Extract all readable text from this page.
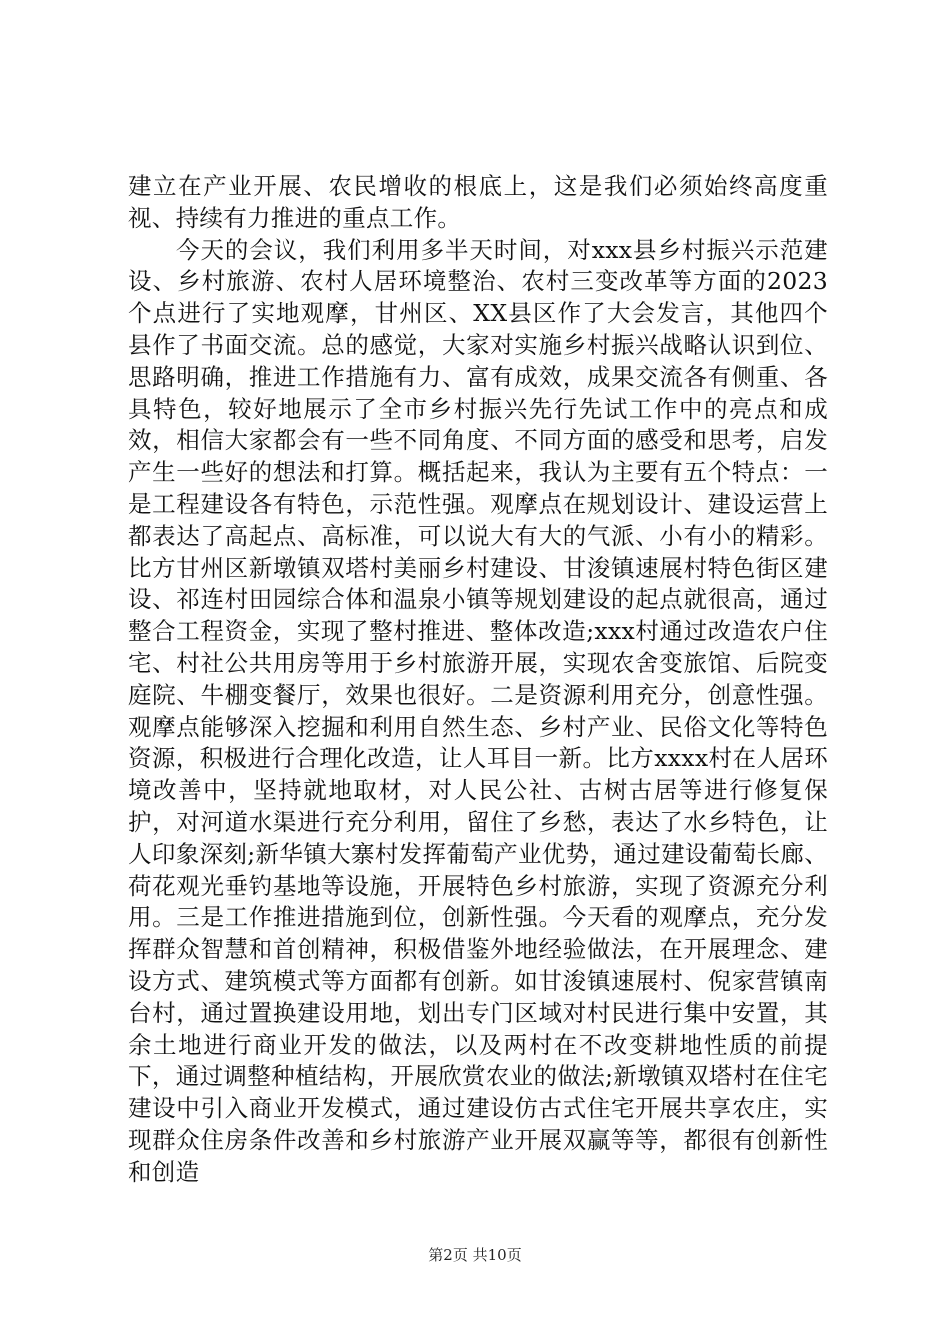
建立在产业开展、农民增收的根底上，这是我们必须始终高度重视、持续有力推进的重点工作。

今天的会议，我们利用多半天时间，对xxx县乡村振兴示范建设、乡村旅游、农村人居环境整治、农村三变改革等方面的2023个点进行了实地观摩，甘州区、XX县区作了大会发言，其他四个县作了书面交流。总的感觉，大家对实施乡村振兴战略认识到位、思路明确，推进工作措施有力、富有成效，成果交流各有侧重、各具特色，较好地展示了全市乡村振兴先行先试工作中的亮点和成效，相信大家都会有一些不同角度、不同方面的感受和思考，启发产生一些好的想法和打算。概括起来，我认为主要有五个特点：一是工程建设各有特色，示范性强。观摩点在规划设计、建设运营上都表达了高起点、高标准，可以说大有大的气派、小有小的精彩。比方甘州区新墩镇双塔村美丽乡村建设、甘浚镇速展村特色街区建设、祁连村田园综合体和温泉小镇等规划建设的起点就很高，通过整合工程资金，实现了整村推进、整体改造;xxx村通过改造农户住宅、村社公共用房等用于乡村旅游开展，实现农舍变旅馆、后院变庭院、牛棚变餐厅，效果也很好。二是资源利用充分，创意性强。观摩点能够深入挖掘和利用自然生态、乡村产业、民俗文化等特色资源，积极进行合理化改造，让人耳目一新。比方xxxx村在人居环境改善中，坚持就地取材，对人民公社、古树古居等进行修复保护，对河道水渠进行充分利用，留住了乡愁，表达了水乡特色，让人印象深刻;新华镇大寨村发挥葡萄产业优势，通过建设葡萄长廊、荷花观光垂钓基地等设施，开展特色乡村旅游，实现了资源充分利用。三是工作推进措施到位，创新性强。今天看的观摩点，充分发挥群众智慧和首创精神，积极借鉴外地经验做法，在开展理念、建设方式、建筑模式等方面都有创新。如甘浚镇速展村、倪家营镇南台村，通过置换建设用地，划出专门区域对村民进行集中安置，其余土地进行商业开发的做法，以及两村在不改变耕地性质的前提下，通过调整种植结构，开展欣赏农业的做法;新墩镇双塔村在住宅建设中引入商业开发模式，通过建设仿古式住宅开展共享农庄，实现群众住房条件改善和乡村旅游产业开展双赢等等，都很有创新性和创造

第2页 共10页
